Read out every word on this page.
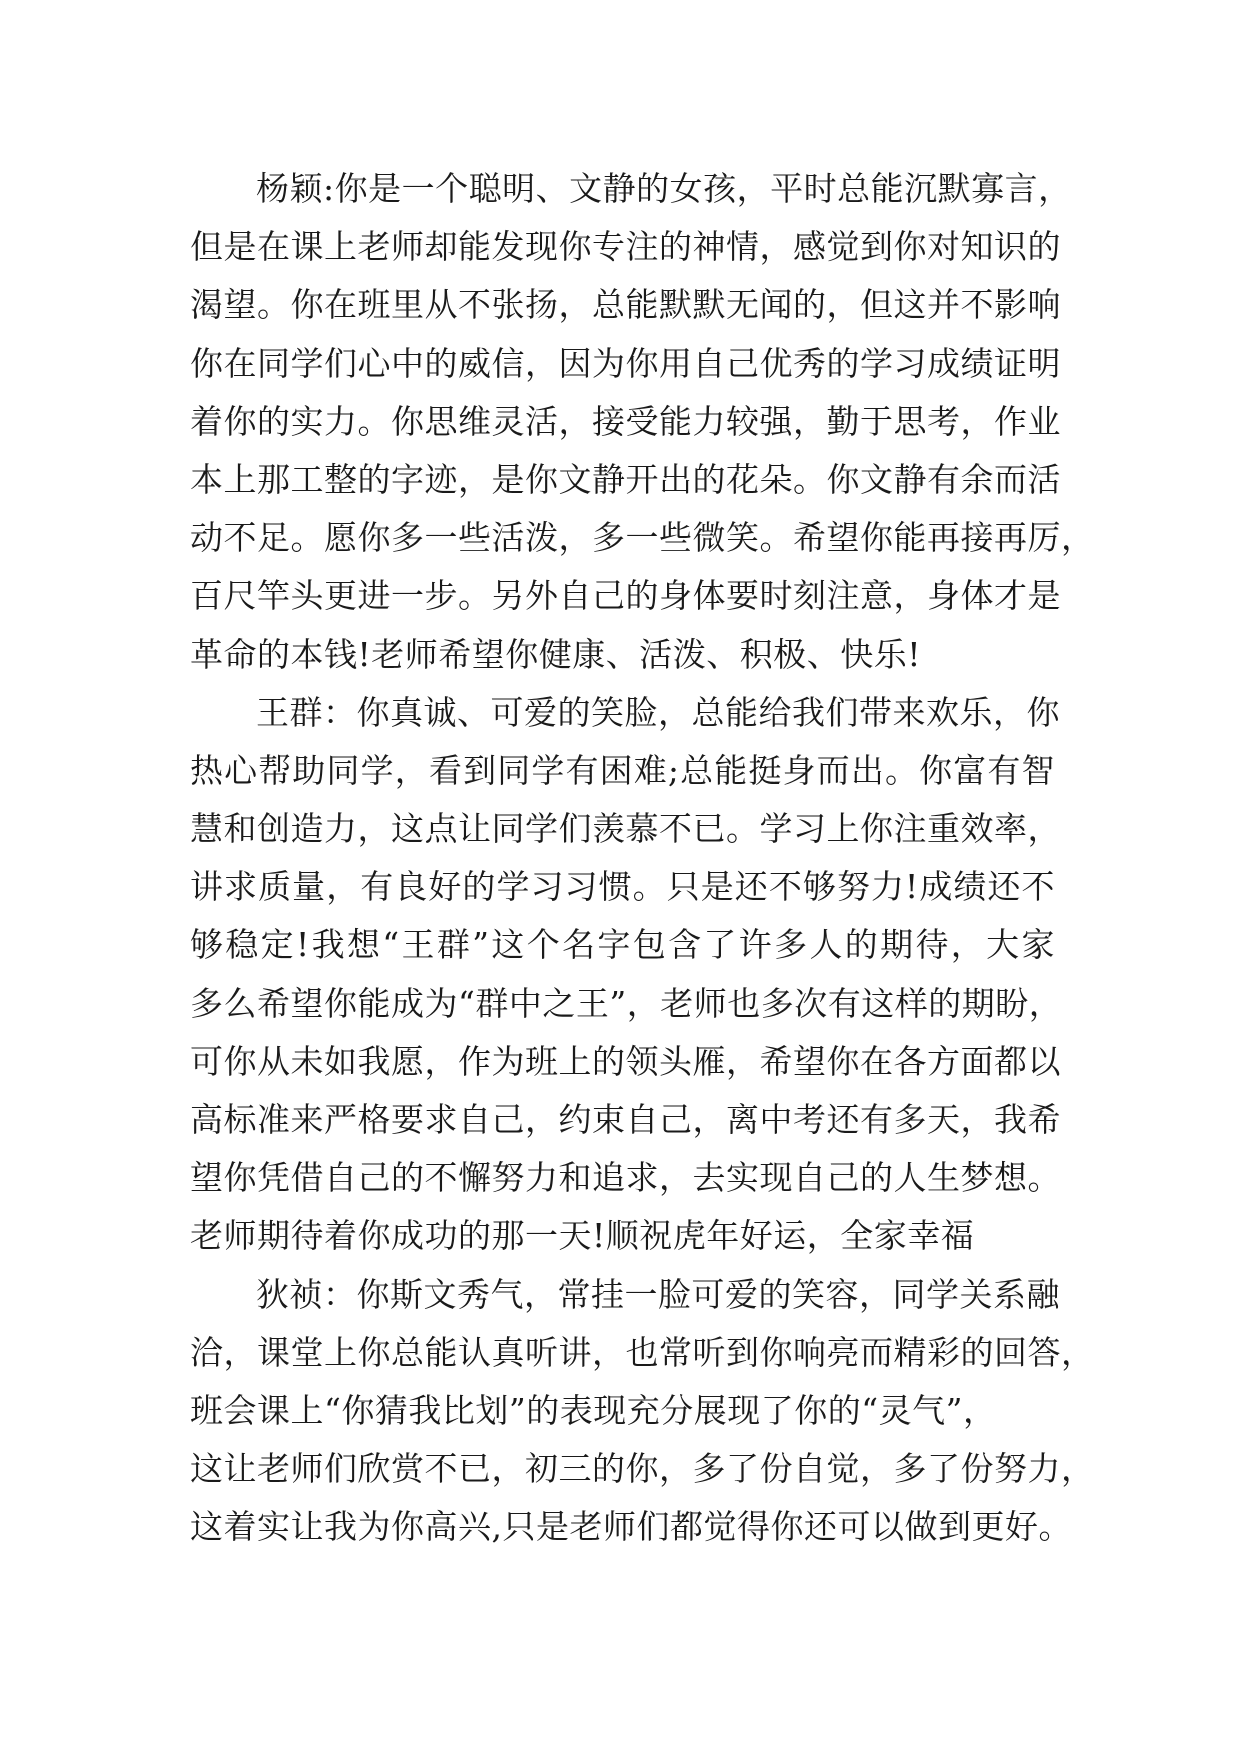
杨颖:你是一个聪明、文静的女孩，平时总能沉默寡言，
但是在课上老师却能发现你专注的神情，感觉到你对知识的
渴望。你在班里从不张扬，总能默默无闻的，但这并不影响
你在同学们心中的威信，因为你用自己优秀的学习成绩证明
着你的实力。你思维灵活，接受能力较强，勤于思考，作业
本上那工整的字迹，是你文静开出的花朵。你文静有余而活
动不足。愿你多一些活泼，多一些微笑。希望你能再接再厉，
百尺竿头更进一步。另外自己的身体要时刻注意，身体才是
革命的本钱!老师希望你健康、活泼、积极、快乐!
王群：你真诚、可爱的笑脸，总能给我们带来欢乐，你
热心帮助同学，看到同学有困难;总能挺身而出。你富有智
慧和创造力，这点让同学们羡慕不已。学习上你注重效率，
讲求质量，有良好的学习习惯。只是还不够努力!成绩还不
够稳定!我想“王群”这个名字包含了许多人的期待，大家
多么希望你能成为“群中之王”，老师也多次有这样的期盼，
可你从未如我愿，作为班上的领头雁，希望你在各方面都以
高标准来严格要求自己，约束自己，离中考还有多天，我希
望你凭借自己的不懈努力和追求，去实现自己的人生梦想。
老师期待着你成功的那一天!顺祝虎年好运，全家幸福
狄祯：你斯文秀气，常挂一脸可爱的笑容，同学关系融
洽，课堂上你总能认真听讲，也常听到你响亮而精彩的回答，
班会课上“你猜我比划”的表现充分展现了你的“灵气”，
这让老师们欣赏不已，初三的你，多了份自觉，多了份努力，
这着实让我为你高兴,只是老师们都觉得你还可以做到更好。
